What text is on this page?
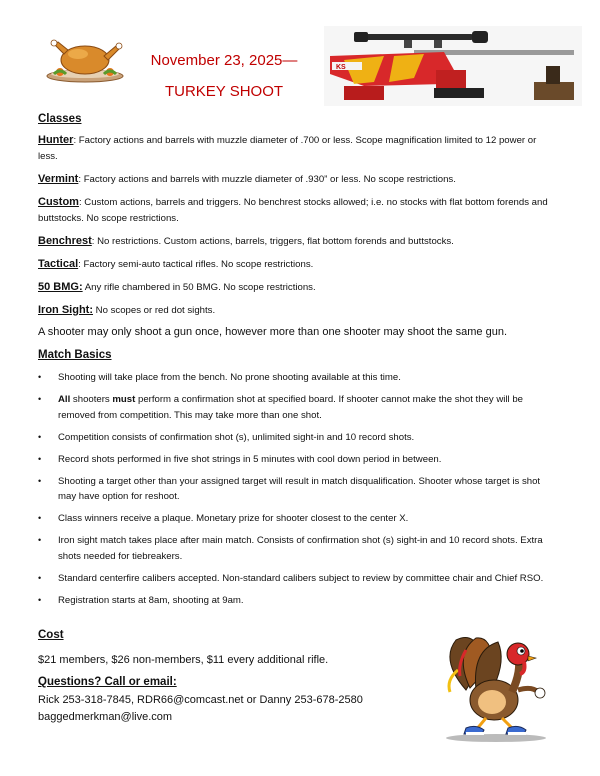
November 23, 2025—
TURKEY SHOOT
KS
Classes
Hunter: Factory actions and barrels with muzzle diameter of .700 or less. Scope magnification limited to 12 power or less.
Vermint: Factory actions and barrels with muzzle diameter of .930” or less. No scope restrictions.
Custom: Custom actions, barrels and triggers. No benchrest stocks allowed; i.e. no stocks with flat bottom forends and buttstocks. No scope restrictions.
Benchrest: No restrictions. Custom actions, barrels, triggers, flat bottom forends and buttstocks.
Tactical: Factory semi-auto tactical rifles. No scope restrictions.
50 BMG: Any rifle chambered in 50 BMG. No scope restrictions.
Iron Sight: No scopes or red dot sights.
A shooter may only shoot a gun once, however more than one shooter may shoot the same gun.
Match Basics
• Shooting will take place from the bench. No prone shooting available at this time.
• All shooters must perform a confirmation shot at specified board. If shooter cannot make the shot they will be removed from competition. This may take more than one shot.
• Competition consists of confirmation shot (s), unlimited sight-in and 10 record shots.
• Record shots performed in five shot strings in 5 minutes with cool down period in between.
• Shooting a target other than your assigned target will result in match disqualification. Shooter whose target is shot may have option for reshoot.
• Class winners receive a plaque. Monetary prize for shooter closest to the center X.
• Iron sight match takes place after main match. Consists of confirmation shot (s) sight-in and 10 record shots. Extra shots needed for tiebreakers.
• Standard centerfire calibers accepted. Non-standard calibers subject to review by committee chair and Chief RSO.
• Registration starts at 8am, shooting at 9am.
Cost
$21 members, $26 non-members, $11 every additional rifle.
Questions? Call or email:
Rick 253-318-7845, RDR66@comcast.net or Danny 253-678-2580
baggedmerkman@live.com
